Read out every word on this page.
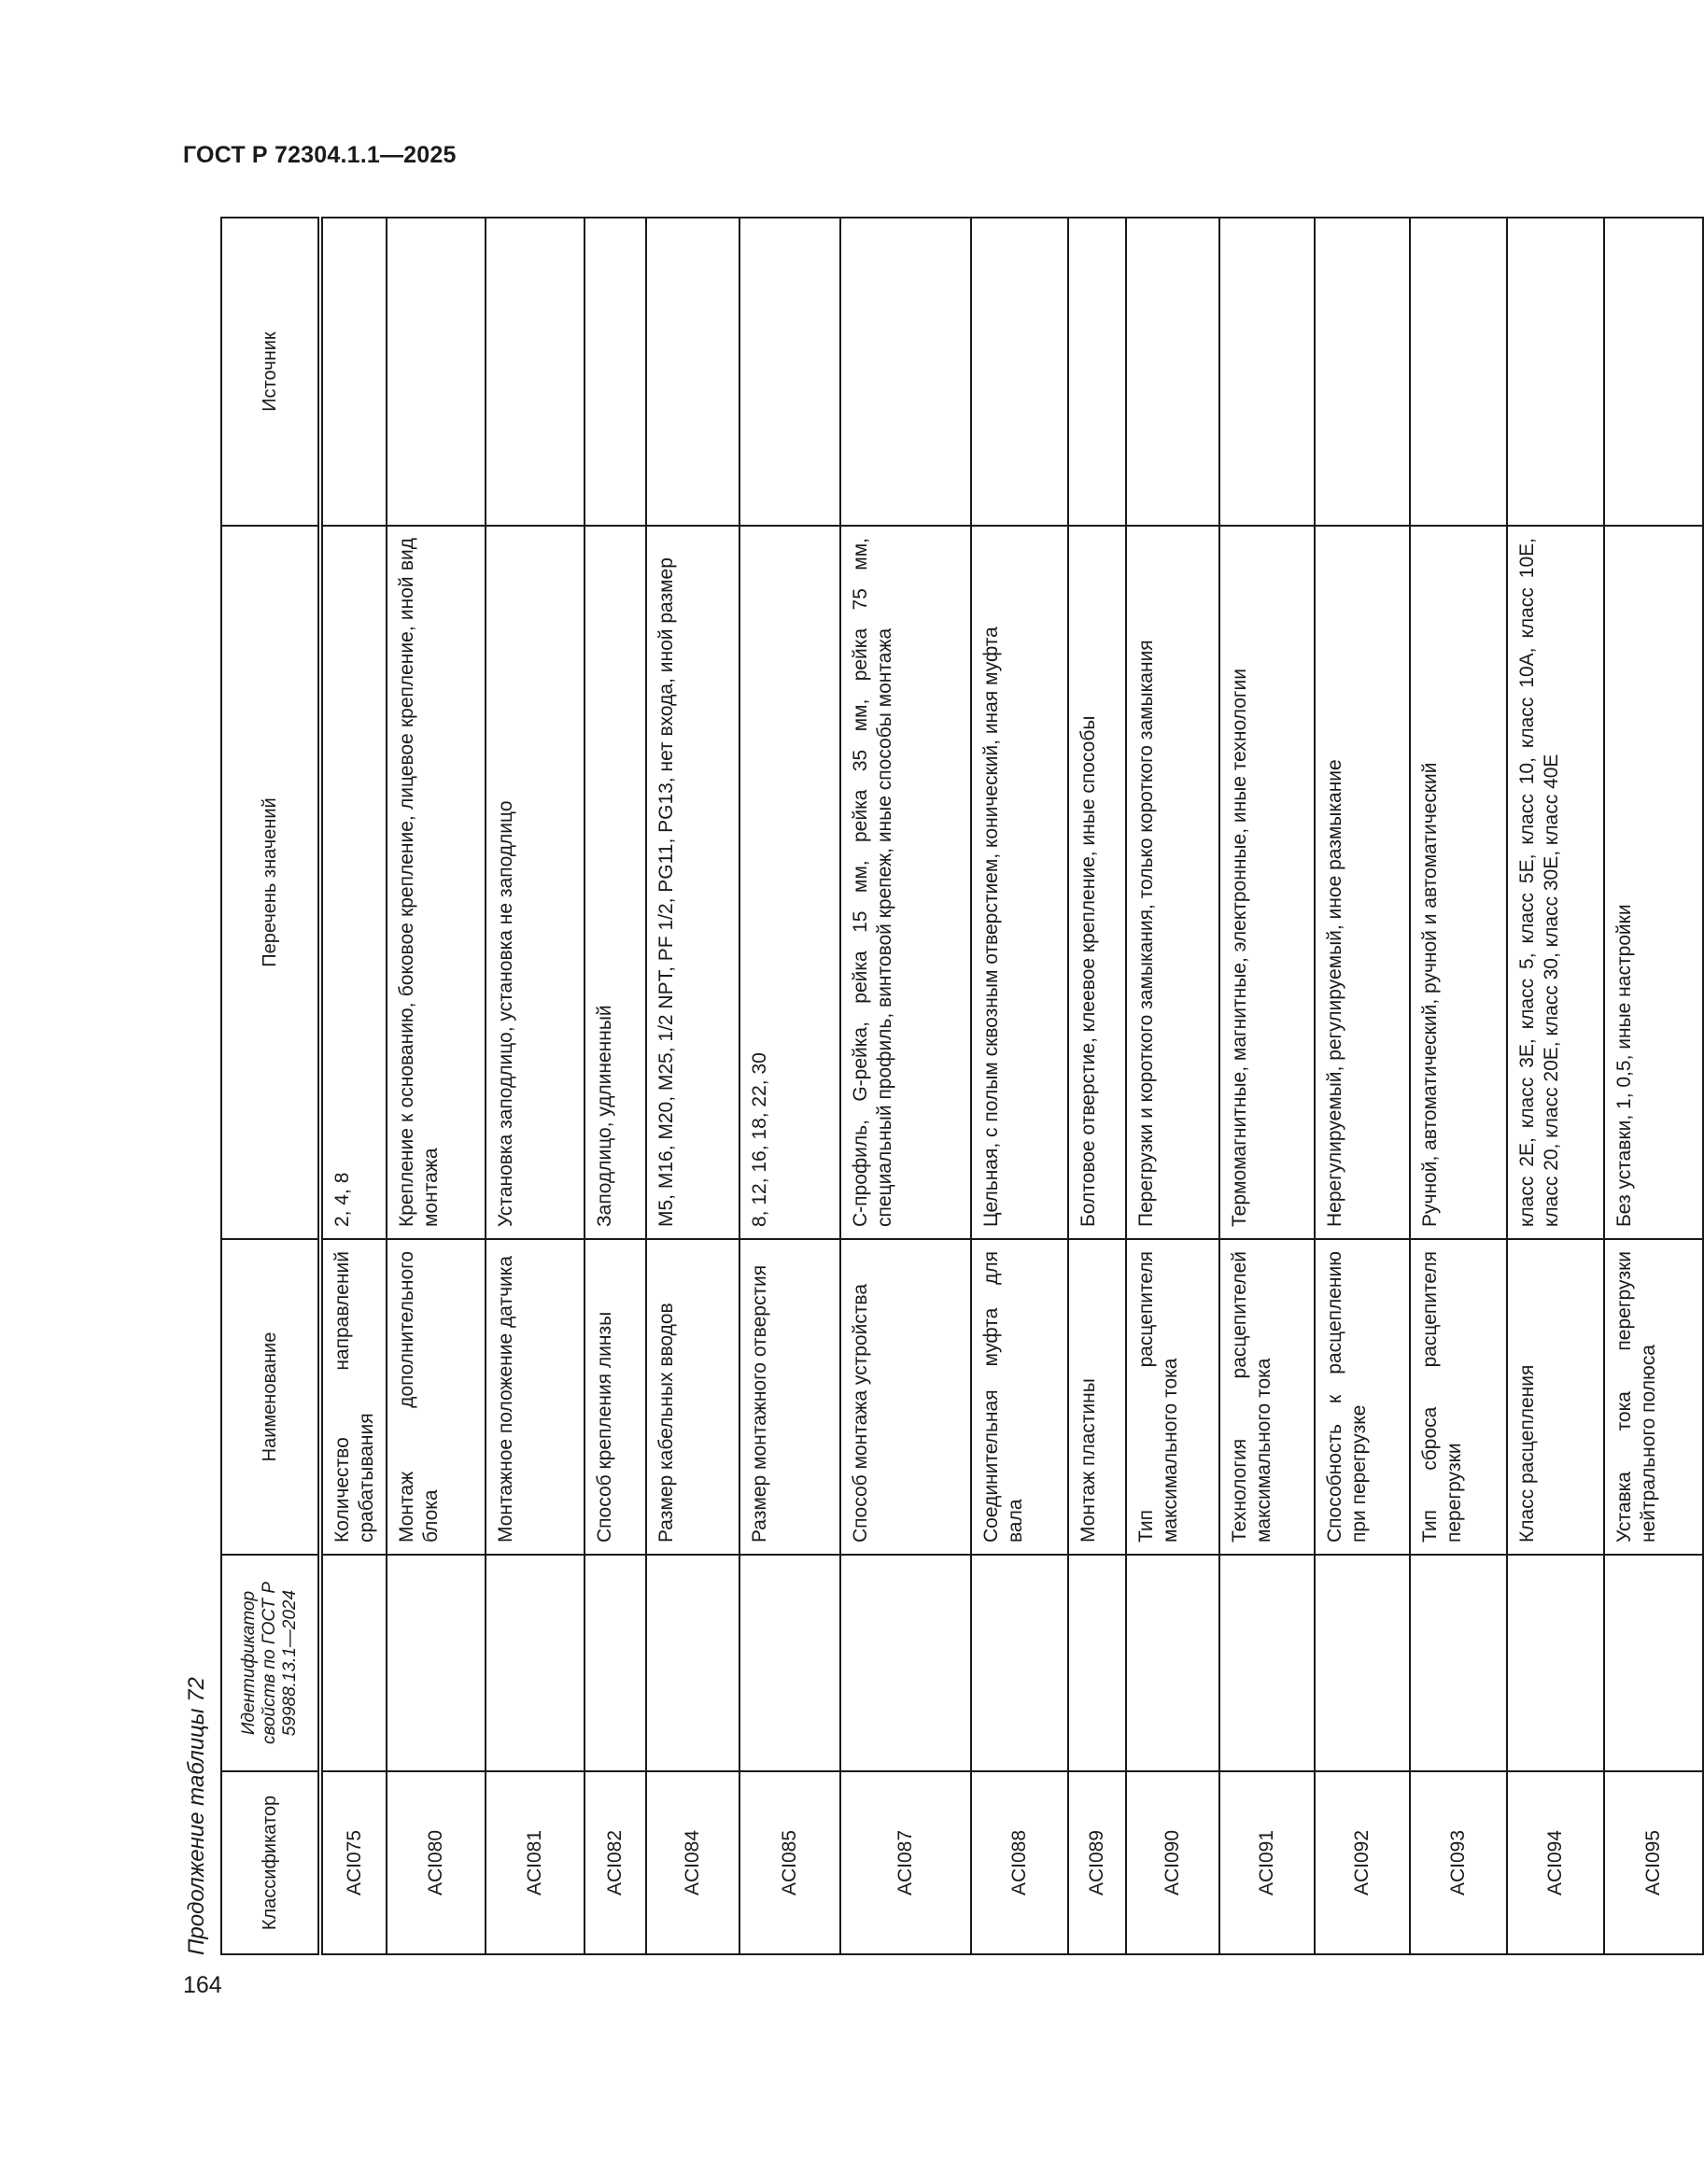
ГОСТ Р 72304.1.1—2025
Продолжение таблицы 72	Классификатор	Идентификатор свойств по ГОСТ Р 59988.13.1—2024	Наименование	Перечень значений	Источник
ACI075		Количество направлений срабатывания	2, 4, 8	
ACI080		Монтаж дополнительного блока	Крепление к основанию, боковое крепление, лицевое крепление, иной вид монтажа	
ACI081		Монтажное положение датчика	Установка заподлицо, установка не заподлицо	
ACI082		Способ крепления линзы	Заподлицо, удлиненный	
ACI084		Размер кабельных вводов	M5, M16, M20, M25, 1/2 NPT, PF 1/2, PG11, PG13, нет входа, иной размер	
ACI085		Размер монтажного отверстия	8, 12, 16, 18, 22, 30	
ACI087		Способ монтажа устройства	С-профиль, G-рейка, рейка 15 мм, рейка 35 мм, рейка 75 мм, специальный профиль, винтовой крепеж, иные способы монтажа	
ACI088		Соединительная муфта для вала	Цельная, с полым сквозным отверстием, конический, иная муфта	
ACI089		Монтаж пластины	Болтовое отверстие, клеевое крепление, иные способы	
ACI090		Тип расцепителя максимального тока	Перегрузки и короткого замыкания, только короткого замыкания	
ACI091		Технология расцепителей максимального тока	Термомагнитные, магнитные, электронные, иные технологии	
ACI092		Способность к расцеплению при перегрузке	Нерегулируемый, регулируемый, иное размыкание	
ACI093		Тип сброса расцепителя перегрузки	Ручной, автоматический, ручной и автоматический	
ACI094		Класс расцепления	класс 2E, класс 3E, класс 5, класс 5E, класс 10, класс 10A, класс 10E, класс 20, класс 20E, класс 30, класс 30E, класс 40E	
ACI095		Уставка тока перегрузки нейтрального полюса	Без уставки, 1, 0,5, иные настройки	
164
